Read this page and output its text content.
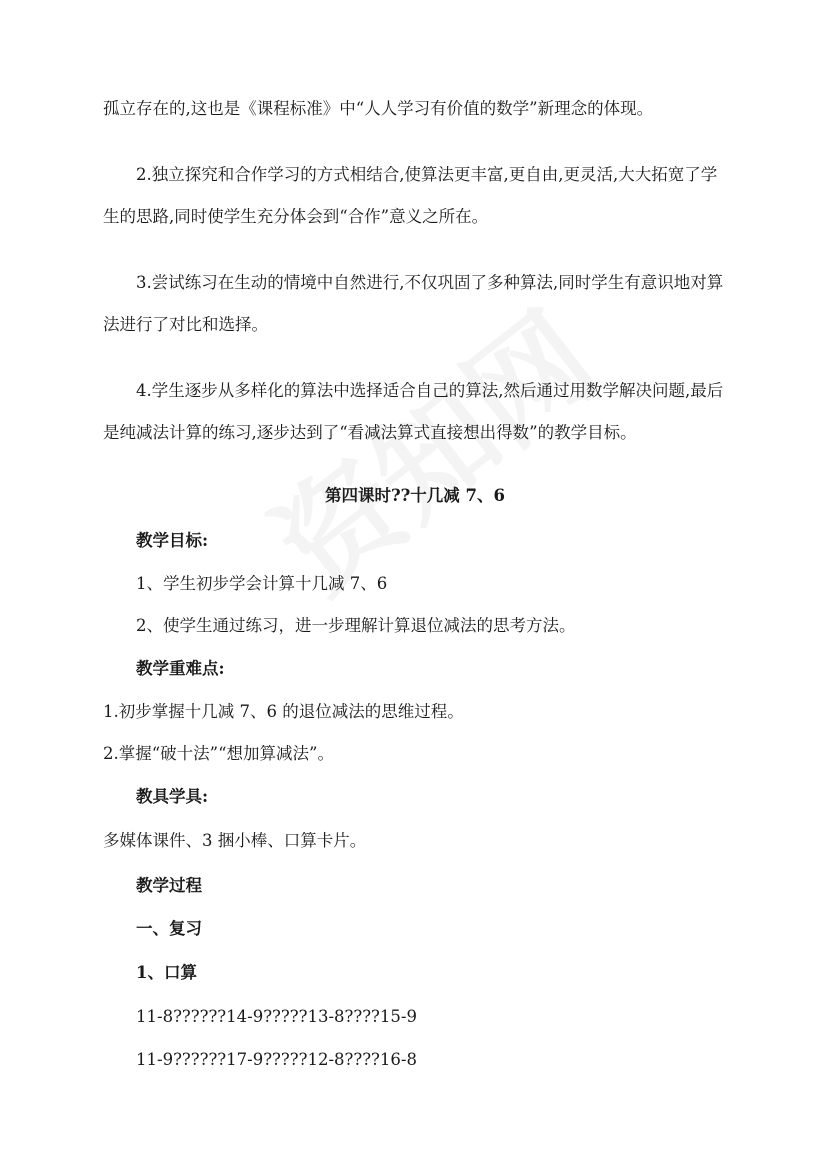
孤立存在的,这也是《课程标准》中“人人学习有价值的数学”新理念的体现。
2.独立探究和合作学习的方式相结合,使算法更丰富,更自由,更灵活,大大拓宽了学
生的思路,同时使学生充分体会到“合作”意义之所在。
3.尝试练习在生动的情境中自然进行,不仅巩固了多种算法,同时学生有意识地对算
法进行了对比和选择。
4.学生逐步从多样化的算法中选择适合自己的算法,然后通过用数学解决问题,最后
是纯减法计算的练习,逐步达到了“看减法算式直接想出得数”的教学目标。
第四课时??十几减 7、6
教学目标:
1、学生初步学会计算十几减 7、6
2、使学生通过练习，进一步理解计算退位减法的思考方法。
教学重难点:
1.初步掌握十几减 7、6 的退位减法的思维过程。
2.掌握“破十法”“想加算减法”。
教具学具:
多媒体课件、3 捆小棒、口算卡片。
教学过程
一、复习
1、口算
11-8??????14-9?????13-8????15-9
11-9??????17-9?????12-8????16-8
